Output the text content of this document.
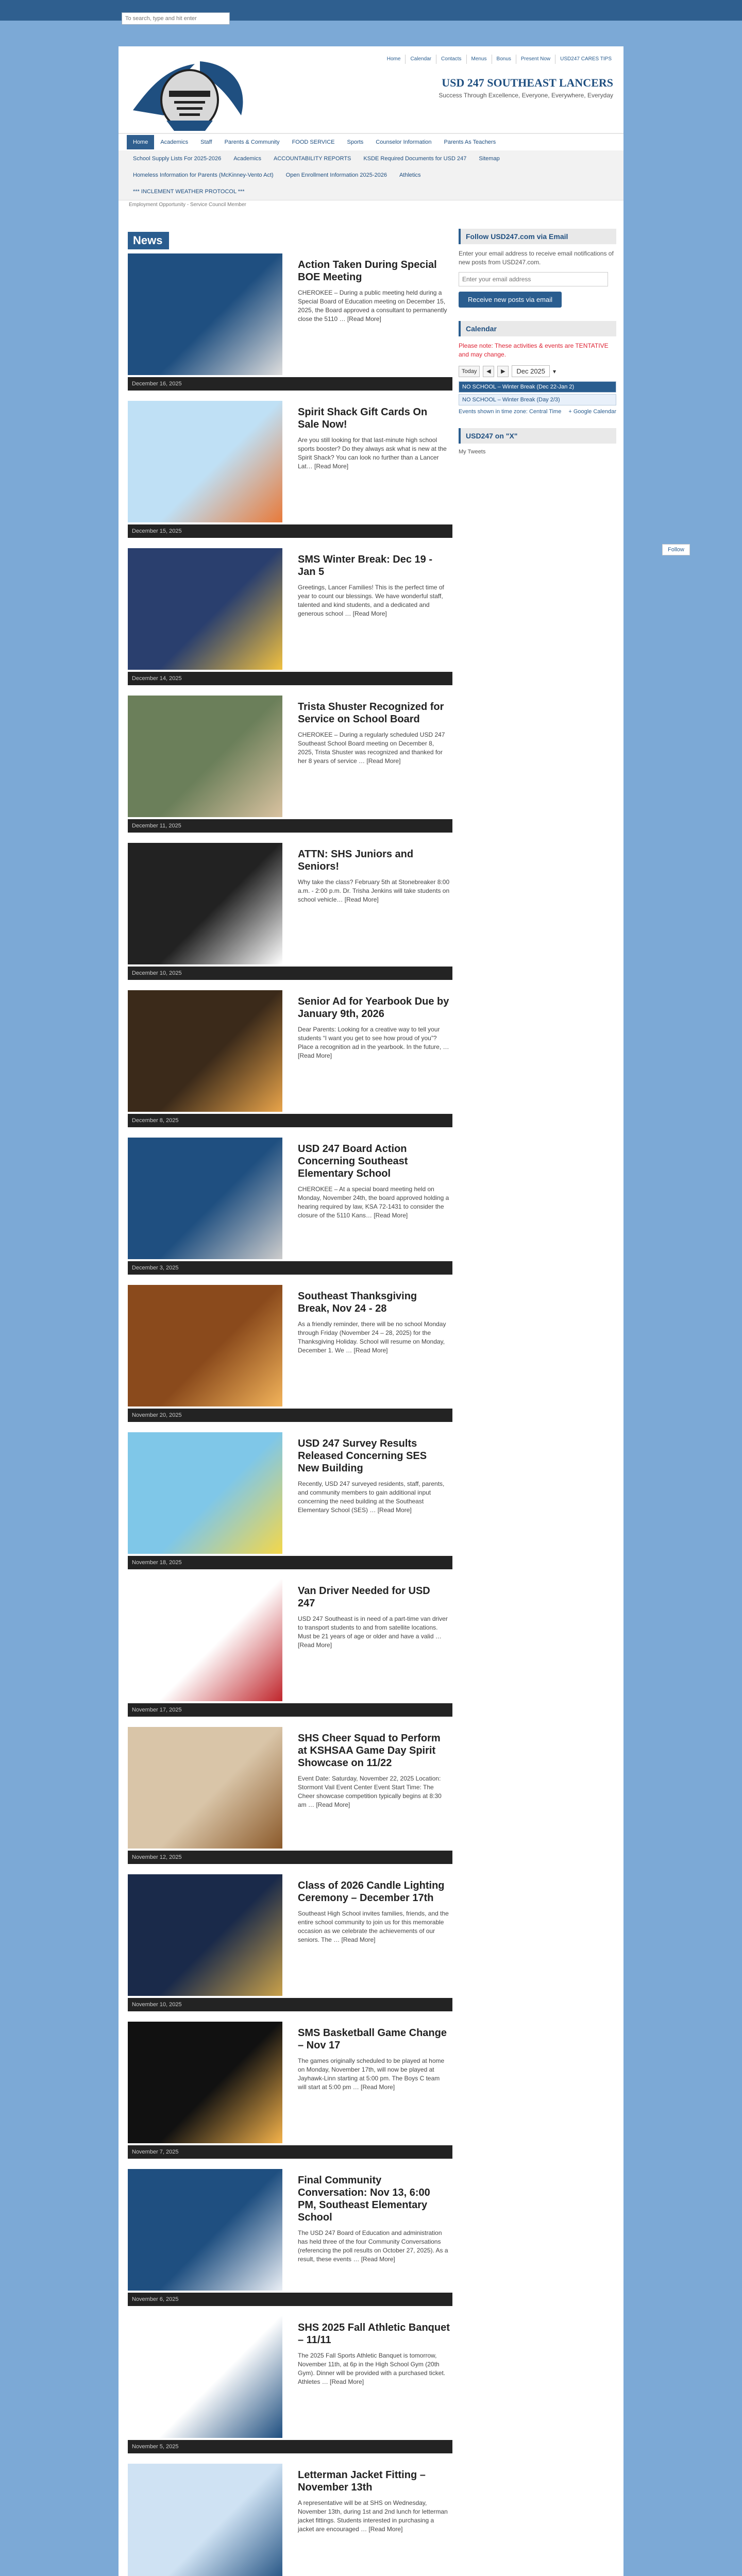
To search, type and hit enter
Home	Calendar	Contacts	Menus	Bonus	Present Now	USD247 CARES TIPS
USD 247 SOUTHEAST LANCERS

Success Through Excellence, Everyone, Everywhere, Everyday

Home	Academics	Staff	Parents & Community	FOOD SERVICE	Sports	Counselor Information	Parents As Teachers
School Supply Lists For 2025-2026	Academics	ACCOUNTABILITY REPORTS	KSDE Required Documents for USD 247	Sitemap
Homeless Information for Parents (McKinney-Vento Act)	Open Enrollment Information 2025-2026	Athletics
*** INCLEMENT WEATHER PROTOCOL ***
Employment Opportunity - Service Council Member
News
Action Taken During Special BOE Meeting
CHEROKEE – During a public meeting held during a Special Board of Education meeting on December 15, 2025, the Board approved a consultant to permanently close the 5110 … [Read More]
December 16, 2025
Spirit Shack Gift Cards On Sale Now!
Are you still looking for that last-minute high school sports booster? Do they always ask what is new at the Spirit Shack? You can look no further than a Lancer Lat… [Read More]
December 15, 2025
SMS Winter Break: Dec 19 - Jan 5
Greetings, Lancer Families! This is the perfect time of year to count our blessings. We have wonderful staff, talented and kind students, and a dedicated and generous school … [Read More]
December 14, 2025
Trista Shuster Recognized for Service on School Board
CHEROKEE – During a regularly scheduled USD 247 Southeast School Board meeting on December 8, 2025, Trista Shuster was recognized and thanked for her 8 years of service … [Read More]
December 11, 2025
ATTN: SHS Juniors and Seniors!
Why take the class? February 5th at Stonebreaker 8:00 a.m. - 2:00 p.m. Dr. Trisha Jenkins will take students on school vehicle… [Read More]
December 10, 2025
Senior Ad for Yearbook Due by January 9th, 2026
Dear Parents: Looking for a creative way to tell your students “I want you get to see how proud of you”? Place a recognition ad in the yearbook. In the future, … [Read More]
December 8, 2025
USD 247 Board Action Concerning Southeast Elementary School
CHEROKEE – At a special board meeting held on Monday, November 24th, the board approved holding a hearing required by law, KSA 72-1431 to consider the closure of the 5110 Kans… [Read More]
December 3, 2025
Southeast Thanksgiving Break, Nov 24 - 28
As a friendly reminder, there will be no school Monday through Friday (November 24 – 28, 2025) for the Thanksgiving Holiday. School will resume on Monday, December 1. We … [Read More]
November 20, 2025
USD 247 Survey Results Released Concerning SES New Building
Recently, USD 247 surveyed residents, staff, parents, and community members to gain additional input concerning the need building at the Southeast Elementary School (SES) … [Read More]
November 18, 2025
Van Driver Needed for USD 247
USD 247 Southeast is in need of a part-time van driver to transport students to and from satellite locations. Must be 21 years of age or older and have a valid … [Read More]
November 17, 2025
SHS Cheer Squad to Perform at KSHSAA Game Day Spirit Showcase on 11/22
Event Date: Saturday, November 22, 2025 Location: Stormont Vail Event Center Event Start Time: The Cheer showcase competition typically begins at 8:30 am … [Read More]
November 12, 2025
Class of 2026 Candle Lighting Ceremony – December 17th
Southeast High School invites families, friends, and the entire school community to join us for this memorable occasion as we celebrate the achievements of our seniors. The … [Read More]
November 10, 2025
SMS Basketball Game Change – Nov 17
The games originally scheduled to be played at home on Monday, November 17th, will now be played at Jayhawk-Linn starting at 5:00 pm. The Boys C team will start at 5:00 pm … [Read More]
November 7, 2025
Final Community Conversation: Nov 13, 6:00 PM, Southeast Elementary School
The USD 247 Board of Education and administration has held three of the four Community Conversations (referencing the poll results on October 27, 2025). As a result, these events … [Read More]
November 6, 2025
SHS 2025 Fall Athletic Banquet – 11/11
The 2025 Fall Sports Athletic Banquet is tomorrow, November 11th, at 6p in the High School Gym (20th Gym). Dinner will be provided with a purchased ticket. Athletes … [Read More]
November 5, 2025
Letterman Jacket Fitting – November 13th
A representative will be at SHS on Wednesday, November 13th, during 1st and 2nd lunch for letterman jacket fittings. Students interested in purchasing a jacket are encouraged … [Read More]
Follow USD247.com via Email

Enter your email address to receive email notifications of new posts from USD247.com.

Enter your email address Receive new posts via email
Calendar
Please note: These activities & events are TENTATIVE and may change.
Today	◀	▶	Dec 2025	▾
NO SCHOOL – Winter Break (Dec 22-Jan 2)
NO SCHOOL – Winter Break (Day 2/3)
Events shown in time zone: Central Time + Google Calendar
USD247 on "X"
My Tweets
Follow
